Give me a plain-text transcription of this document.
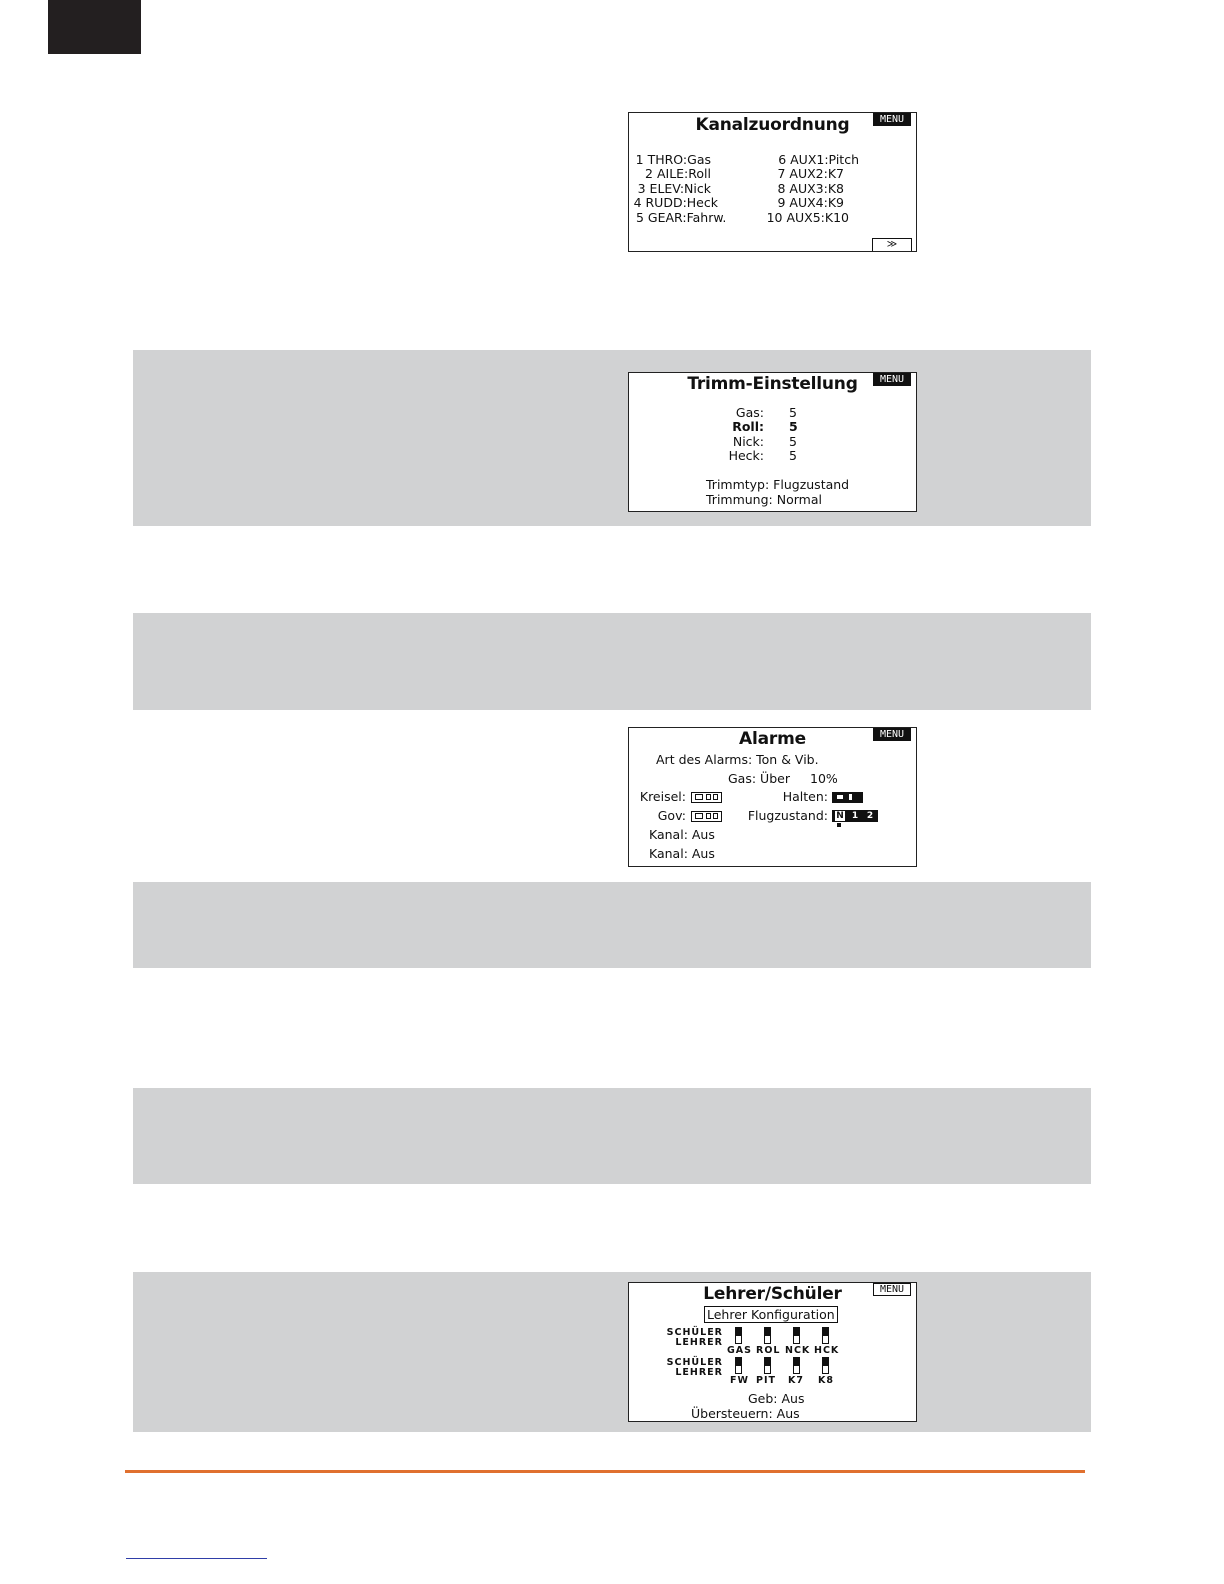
MENU
Kanalzuordnung
1 THRO:Gas
2 AILE:Roll
3 ELEV:Nick
4 RUDD:Heck
5 GEAR:Fahrw.
6 AUX1:Pitch
7 AUX2:K7
8 AUX3:K8
9 AUX4:K9
10 AUX5:K10
≫
MENU
Trimm-Einstellung
Gas:
Roll:
Nick:
Heck:
5
5
5
5
Trimmtyp: Flugzustand
Trimmung: Normal
MENU
Alarme
Art des Alarms: Ton & Vib.
Gas: Über 10%
Kreisel:	Halten:
Gov:	Flugzustand: N 1 2
Kanal: Aus
Kanal: Aus
MENU
Lehrer/Schüler
Lehrer Konfiguration
SCHÜLER
LEHRER
GAS ROL NCK HCK
SCHÜLER
LEHRER
FW PIT K7 K8
Geb: Aus
Übersteuern: Aus
